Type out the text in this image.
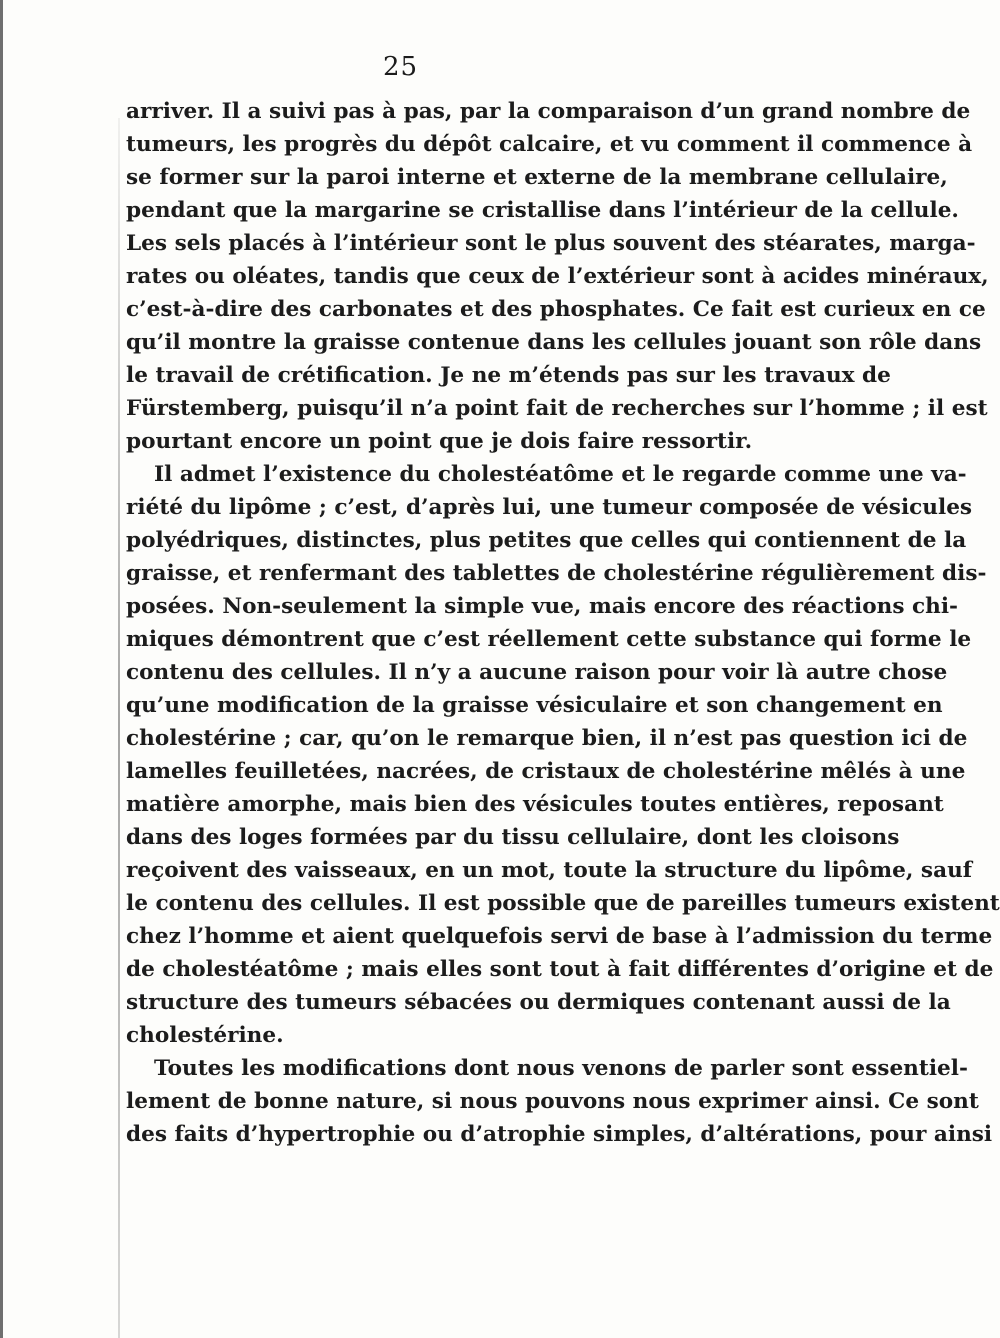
25
arriver. Il a suivi pas à pas, par la comparaison d’un grand nombre de
tumeurs, les progrès du dépôt calcaire, et vu comment il commence à
se former sur la paroi interne et externe de la membrane cellulaire,
pendant que la margarine se cristallise dans l’intérieur de la cellule.
Les sels placés à l’intérieur sont le plus souvent des stéarates, marga-
rates ou oléates, tandis que ceux de l’extérieur sont à acides minéraux,
c’est-à-dire des carbonates et des phosphates. Ce fait est curieux en ce
qu’il montre la graisse contenue dans les cellules jouant son rôle dans
le travail de crétification. Je ne m’étends pas sur les travaux de
Fürstemberg, puisqu’il n’a point fait de recherches sur l’homme ; il est
pourtant encore un point que je dois faire ressortir.
Il admet l’existence du cholestéatôme et le regarde comme une va-
riété du lipôme ; c’est, d’après lui, une tumeur composée de vésicules
polyédriques, distinctes, plus petites que celles qui contiennent de la
graisse, et renfermant des tablettes de cholestérine régulièrement dis-
posées. Non-seulement la simple vue, mais encore des réactions chi-
miques démontrent que c’est réellement cette substance qui forme le
contenu des cellules. Il n’y a aucune raison pour voir là autre chose
qu’une modification de la graisse vésiculaire et son changement en
cholestérine ; car, qu’on le remarque bien, il n’est pas question ici de
lamelles feuilletées, nacrées, de cristaux de cholestérine mêlés à une
matière amorphe, mais bien des vésicules toutes entières, reposant
dans des loges formées par du tissu cellulaire, dont les cloisons
reçoivent des vaisseaux, en un mot, toute la structure du lipôme, sauf
le contenu des cellules. Il est possible que de pareilles tumeurs existent
chez l’homme et aient quelquefois servi de base à l’admission du terme
de cholestéatôme ; mais elles sont tout à fait différentes d’origine et de
structure des tumeurs sébacées ou dermiques contenant aussi de la
cholestérine.
Toutes les modifications dont nous venons de parler sont essentiel-
lement de bonne nature, si nous pouvons nous exprimer ainsi. Ce sont
des faits d’hypertrophie ou d’atrophie simples, d’altérations, pour ainsi
